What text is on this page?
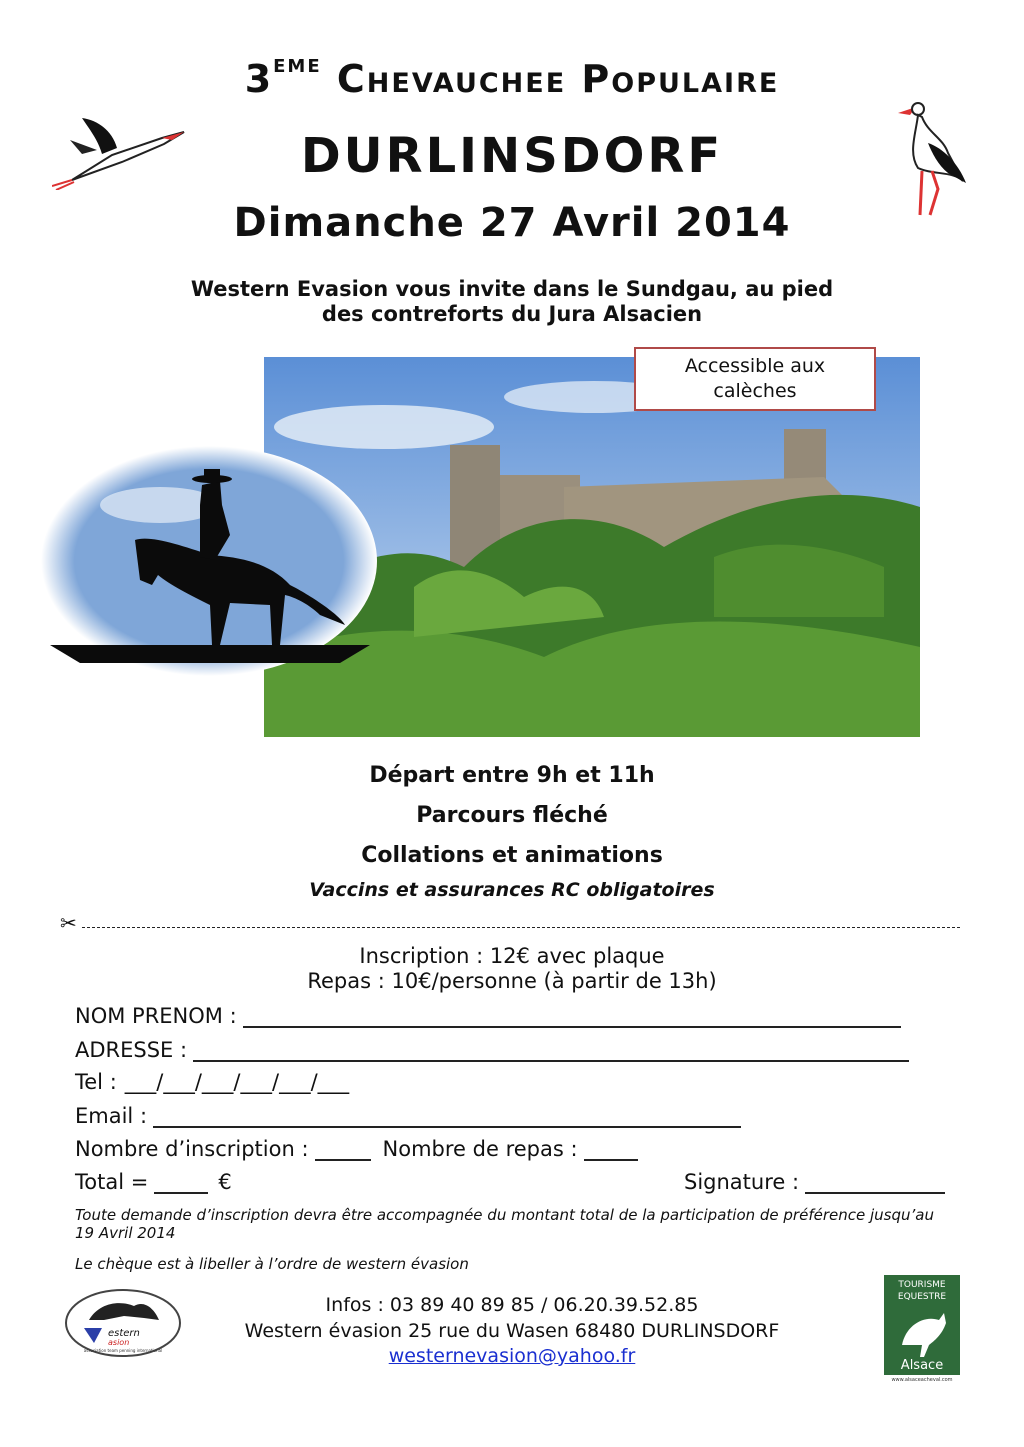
3EME Chevauchee Populaire
DURLINSDORF
Dimanche 27 Avril 2014
Western Evasion vous invite dans le Sundgau, au pied
des contreforts du Jura Alsacien
Accessible aux
calèches
Départ entre 9h et 11h
Parcours fléché
Collations et animations
Vaccins et assurances RC obligatoires
✂
Inscription : 12€ avec plaque
Repas : 10€/personne (à partir de 13h)
NOM PRENOM :
ADRESSE :
Tel : ___/___/___/___/___/___
Email :
Nombre d’inscription :	Nombre de repas :
Total =	€	Signature :
Toute demande d’inscription devra être accompagnée du montant total de la participation de préférence jusqu’au 19 Avril 2014
Le chèque est à libeller à l’ordre de western évasion
Infos : 03 89 40 89 85 / 06.20.39.52.85
Western évasion 25 rue du Wasen 68480 DURLINSDORF
westernevasion@yahoo.fr
estern
asion
association team penning international
TOURISME
EQUESTRE
Alsace
www.alsaceacheval.com
